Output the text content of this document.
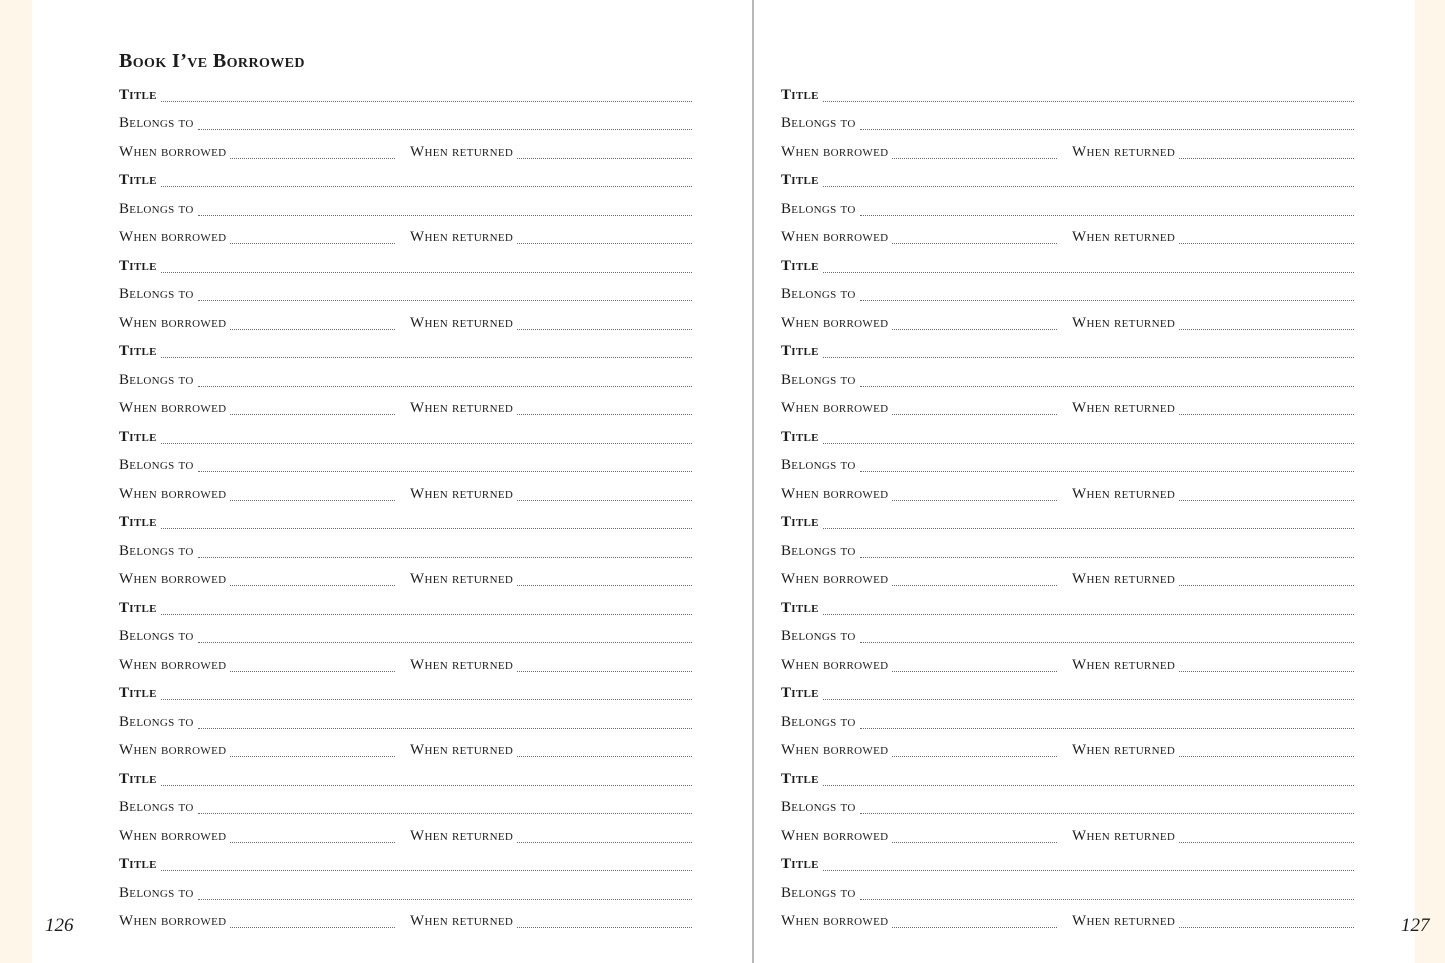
Book I’ve Borrowed
Title
Belongs to
When borrowed	When returned
Title
Belongs to
When borrowed	When returned
Title
Belongs to
When borrowed	When returned
Title
Belongs to
When borrowed	When returned
Title
Belongs to
When borrowed	When returned
Title
Belongs to
When borrowed	When returned
Title
Belongs to
When borrowed	When returned
Title
Belongs to
When borrowed	When returned
Title
Belongs to
When borrowed	When returned
Title
Belongs to
When borrowed	When returned
126
Title
Belongs to
When borrowed	When returned
Title
Belongs to
When borrowed	When returned
Title
Belongs to
When borrowed	When returned
Title
Belongs to
When borrowed	When returned
Title
Belongs to
When borrowed	When returned
Title
Belongs to
When borrowed	When returned
Title
Belongs to
When borrowed	When returned
Title
Belongs to
When borrowed	When returned
Title
Belongs to
When borrowed	When returned
Title
Belongs to
When borrowed	When returned	127
